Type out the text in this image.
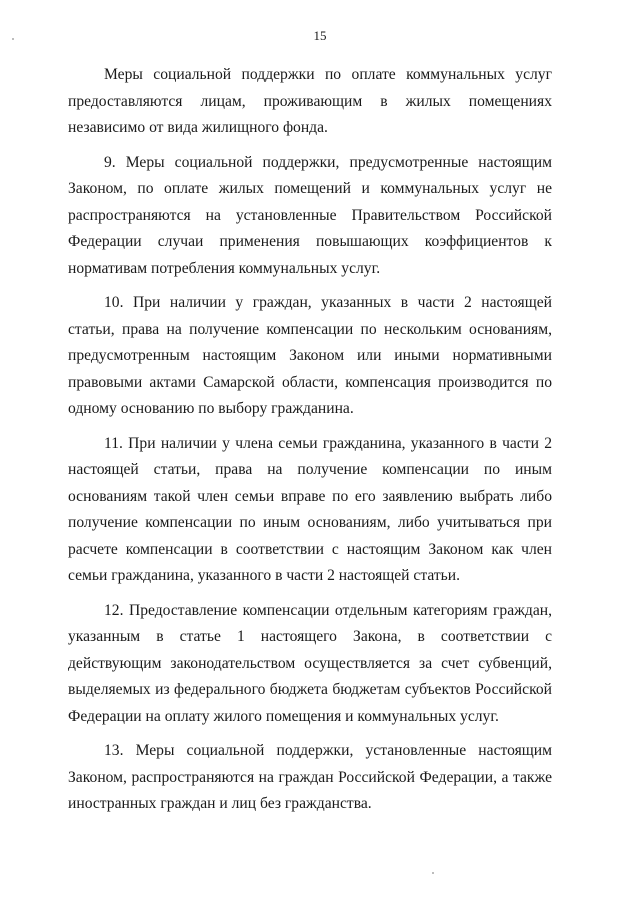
15

Меры социальной поддержки по оплате коммунальных услуг предоставляются лицам, проживающим в жилых помещениях независимо от вида жилищного фонда.

9. Меры социальной поддержки, предусмотренные настоящим Законом, по оплате жилых помещений и коммунальных услуг не распространяются на установленные Правительством Российской Федерации случаи применения повышающих коэффициентов к нормативам потребления коммунальных услуг.

10. При наличии у граждан, указанных в части 2 настоящей статьи, права на получение компенсации по нескольким основаниям, предусмотренным настоящим Законом или иными нормативными правовыми актами Самарской области, компенсация производится по одному основанию по выбору гражданина.

11. При наличии у члена семьи гражданина, указанного в части 2 настоящей статьи, права на получение компенсации по иным основаниям такой член семьи вправе по его заявлению выбрать либо получение компенсации по иным основаниям, либо учитываться при расчете компенсации в соответствии с настоящим Законом как член семьи гражданина, указанного в части 2 настоящей статьи.

12. Предоставление компенсации отдельным категориям граждан, указанным в статье 1 настоящего Закона, в соответствии с действующим законодательством осуществляется за счет субвенций, выделяемых из федерального бюджета бюджетам субъектов Российской Федерации на оплату жилого помещения и коммунальных услуг.

13. Меры социальной поддержки, установленные настоящим Законом, распространяются на граждан Российской Федерации, а также иностранных граждан и лиц без гражданства.
